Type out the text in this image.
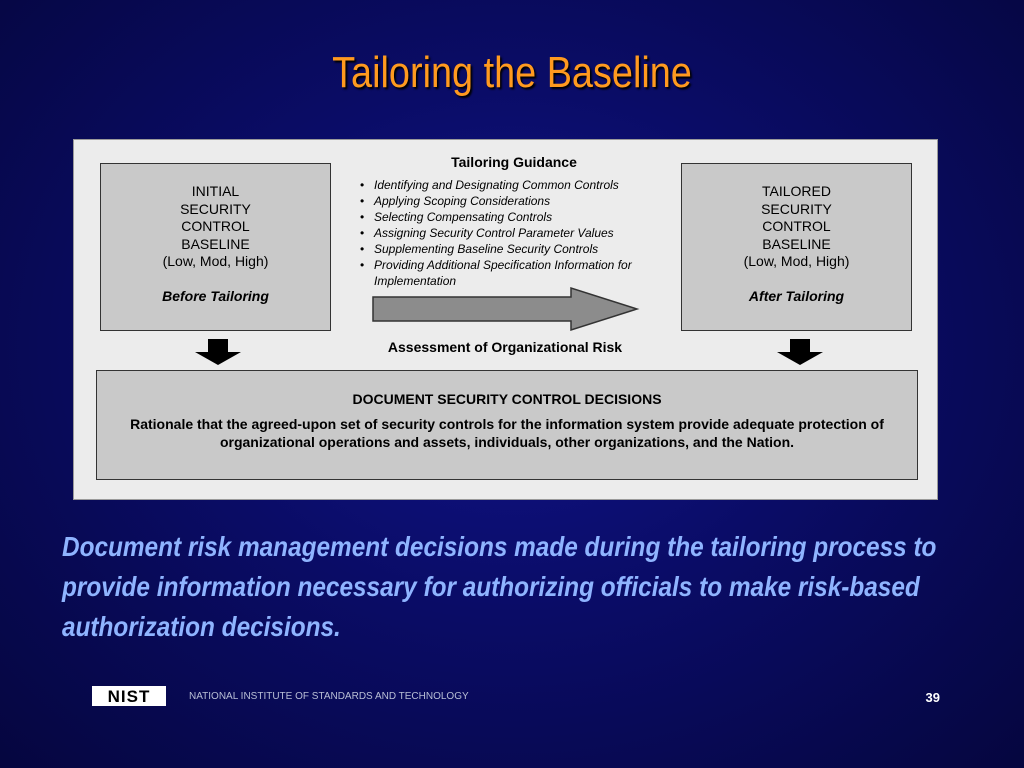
Tailoring the Baseline
INITIAL
SECURITY
CONTROL
BASELINE
(Low, Mod, High)
Before Tailoring
Tailoring Guidance
• Identifying and Designating Common Controls
• Applying Scoping Considerations
• Selecting Compensating Controls
• Assigning Security Control Parameter Values
• Supplementing Baseline Security Controls
• Providing Additional Specification Information for Implementation
Assessment of Organizational Risk
TAILORED
SECURITY
CONTROL
BASELINE
(Low, Mod, High)
After Tailoring
DOCUMENT SECURITY CONTROL DECISIONS
Rationale that the agreed-upon set of security controls for the information system provide adequate protection of organizational operations and assets, individuals, other organizations, and the Nation.
Document risk management decisions made during the tailoring process to provide information necessary for authorizing officials to make risk-based authorization decisions.
NIST	NATIONAL INSTITUTE OF STANDARDS AND TECHNOLOGY	39
